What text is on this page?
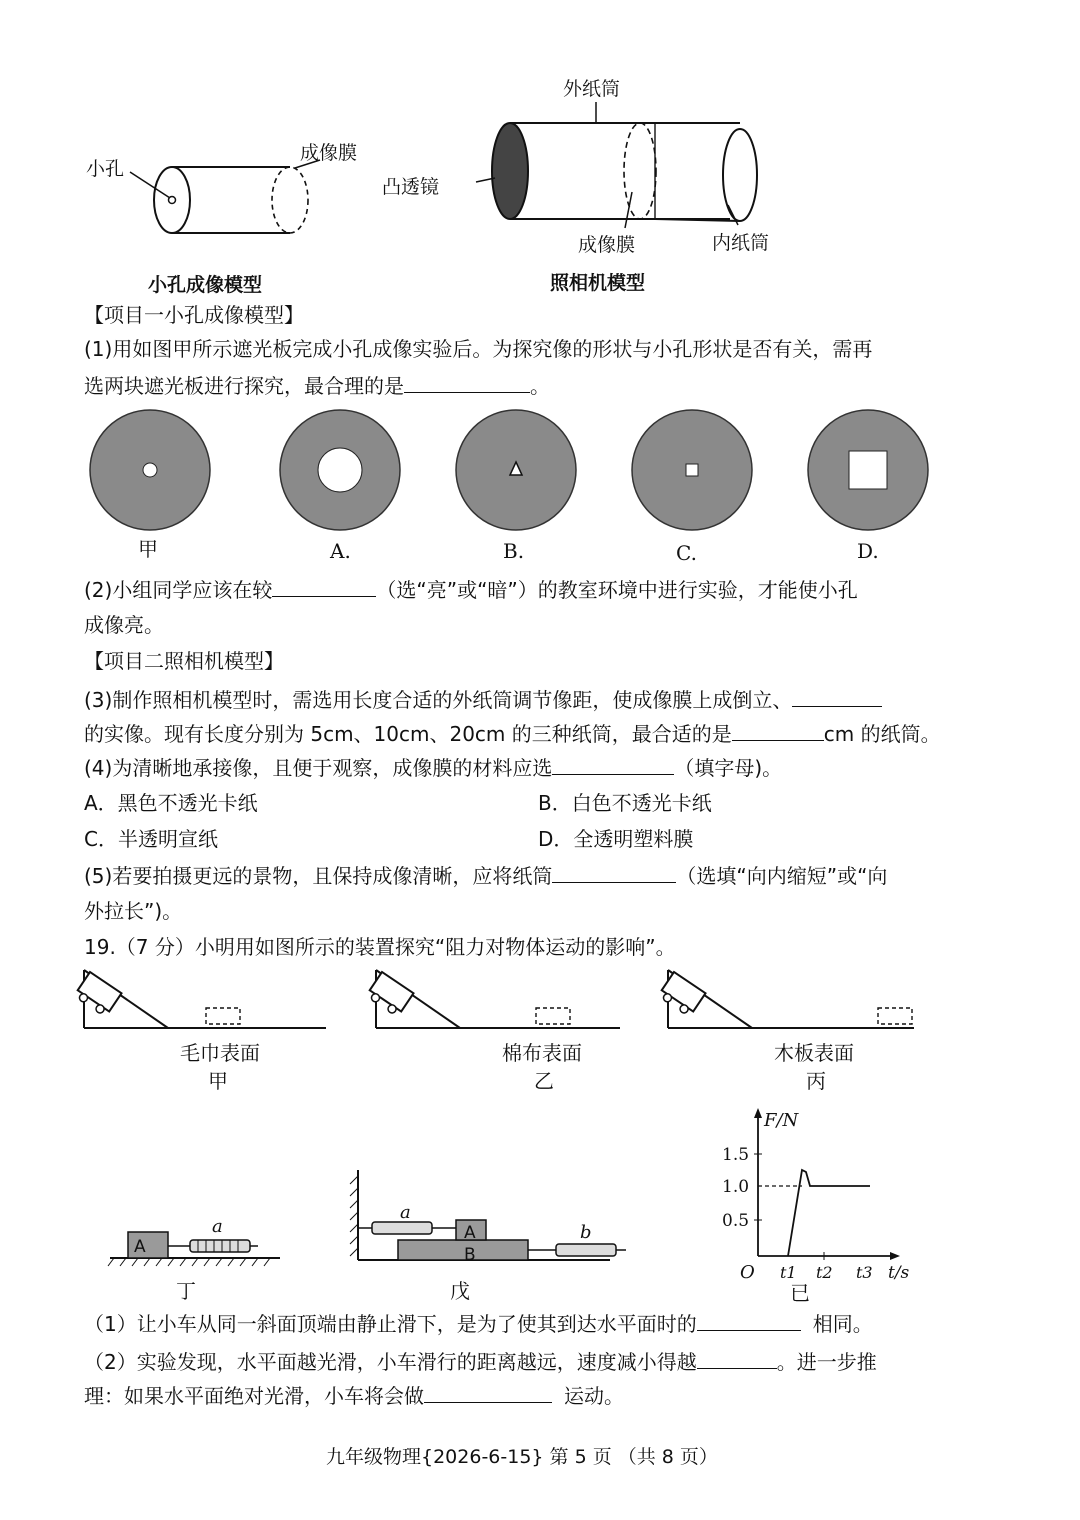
小孔
成像膜
小孔成像模型
外纸筒
凸透镜
成像膜	内纸筒
照相机模型
【项目一小孔成像模型】
(1)用如图甲所示遮光板完成小孔成像实验后。为探究像的形状与小孔形状是否有关，需再
选两块遮光板进行探究，最合理的是	。
甲	A.	B.	C.	D.
(2)小组同学应该在较	（选“亮”或“暗”）的教室环境中进行实验，才能使小孔
成像亮。
【项目二照相机模型】
(3)制作照相机模型时，需选用长度合适的外纸筒调节像距，使成像膜上成倒立、
的实像。现有长度分别为 5cm、10cm、20cm 的三种纸筒，最合适的是	cm 的纸筒。
(4)为清晰地承接像，且便于观察，成像膜的材料应选	（填字母)。
A．黑色不透光卡纸	B．白色不透光卡纸
C．半透明宣纸	D．全透明塑料膜
(5)若要拍摄更远的景物，且保持成像清晰，应将纸筒	（选填“向内缩短”或“向
外拉长”)。
19.（7 分）小明用如图所示的装置探究“阻力对物体运动的影响”。
毛巾表面
甲
棉布表面
乙
木板表面
丙
A
a
丁
A
B
a
b
戊
F/N
1.5
1.0
0.5
O t1 t2 t3 t/s
已
（1）让小车从同一斜面顶端由静止滑下，是为了使其到达水平面时的	相同。
（2）实验发现，水平面越光滑，小车滑行的距离越远，速度减小得越	。进一步推
理：如果水平面绝对光滑，小车将会做	运动。
九年级物理{2026-6-15} 第 5 页 （共 8 页）
